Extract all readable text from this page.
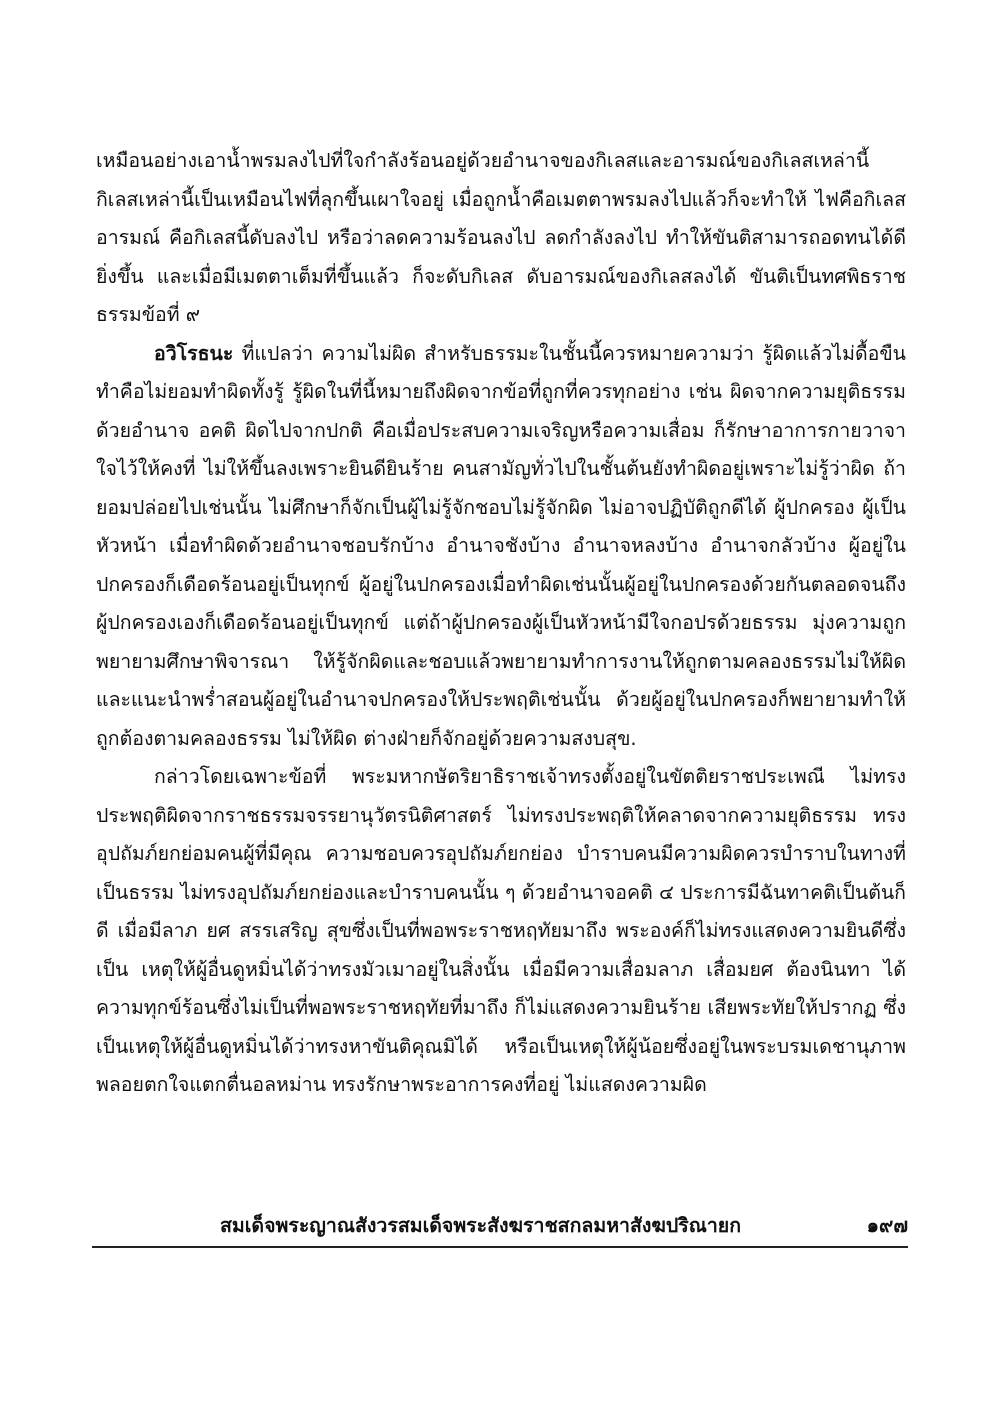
เหมือนอย่างเอาน้ำพรมลงไปที่ใจกำลังร้อนอยู่ด้วยอำนาจของกิเลสและอารมณ์ของกิเลสเหล่านี้ กิเลสเหล่านี้เป็นเหมือนไฟที่ลุกขึ้นเผาใจอยู่ เมื่อถูกน้ำคือเมตตาพรมลงไปแล้วก็จะทำให้ ไฟคือกิเลส อารมณ์ คือกิเลสนี้ดับลงไป หรือว่าลดความร้อนลงไป ลดกำลังลงไป ทำให้ขันติสามารถอดทนได้ดียิ่งขึ้น และเมื่อมีเมตตาเต็มที่ขึ้นแล้ว ก็จะดับกิเลส ดับอารมณ์ของกิเลสลงได้ ขันติเป็นทศพิธราชธรรมข้อที่ ๙

อวิโรธนะ ที่แปลว่า ความไม่ผิด สำหรับธรรมะในชั้นนี้ควรหมายความว่า รู้ผิดแล้วไม่ดื้อขืนทำคือไม่ยอมทำผิดทั้งรู้ รู้ผิดในที่นี้หมายถึงผิดจากข้อที่ถูกที่ควรทุกอย่าง เช่น ผิดจากความยุติธรรมด้วยอำนาจ อคติ ผิดไปจากปกติ คือเมื่อประสบความเจริญหรือความเสื่อม ก็รักษาอาการกายวาจาใจไว้ให้คงที่ ไม่ให้ขึ้นลงเพราะยินดียินร้าย คนสามัญทั่วไปในชั้นต้นยังทำผิดอยู่เพราะไม่รู้ว่าผิด ถ้ายอมปล่อยไปเช่นนั้น ไม่ศึกษาก็จักเป็นผู้ไม่รู้จักชอบไม่รู้จักผิด ไม่อาจปฏิบัติถูกดีได้ ผู้ปกครอง ผู้เป็นหัวหน้า เมื่อทำผิดด้วยอำนาจชอบรักบ้าง อำนาจชังบ้าง อำนาจหลงบ้าง อำนาจกลัวบ้าง ผู้อยู่ในปกครองก็เดือดร้อนอยู่เป็นทุกข์ ผู้อยู่ในปกครองเมื่อทำผิดเช่นนั้นผู้อยู่ในปกครองด้วยกันตลอดจนถึงผู้ปกครองเองก็เดือดร้อนอยู่เป็นทุกข์ แต่ถ้าผู้ปกครองผู้เป็นหัวหน้ามีใจกอปรด้วยธรรม มุ่งความถูก พยายามศึกษาพิจารณา ให้รู้จักผิดและชอบแล้วพยายามทำการงานให้ถูกตามคลองธรรมไม่ให้ผิด และแนะนำพร่ำสอนผู้อยู่ในอำนาจปกครองให้ประพฤติเช่นนั้น ด้วยผู้อยู่ในปกครองก็พยายามทำให้ถูกต้องตามคลองธรรม ไม่ให้ผิด ต่างฝ่ายก็จักอยู่ด้วยความสงบสุข.

กล่าวโดยเฉพาะข้อที่ พระมหากษัตริยาธิราชเจ้าทรงตั้งอยู่ในขัตติยราชประเพณี ไม่ทรงประพฤติผิดจากราชธรรมจรรยานุวัตรนิติศาสตร์ ไม่ทรงประพฤติให้คลาดจากความยุติธรรม ทรงอุปถัมภ์ยกย่อมคนผู้ที่มีคุณ ความชอบควรอุปถัมภ์ยกย่อง บำราบคนมีความผิดควรบำราบในทางที่เป็นธรรม ไม่ทรงอุปถัมภ์ยกย่องและบำราบคนนั้น ๆ ด้วยอำนาจอคติ ๔ ประการมีฉันทาคติเป็นต้นก็ดี เมื่อมีลาภ ยศ สรรเสริญ สุขซึ่งเป็นที่พอพระราชหฤทัยมาถึง พระองค์ก็ไม่ทรงแสดงความยินดีซึ่งเป็น เหตุให้ผู้อื่นดูหมิ่นได้ว่าทรงมัวเมาอยู่ในสิ่งนั้น เมื่อมีความเสื่อมลาภ เสื่อมยศ ต้องนินทา ได้ความทุกข์ร้อนซึ่งไม่เป็นที่พอพระราชหฤทัยที่มาถึง ก็ไม่แสดงความยินร้าย เสียพระทัยให้ปรากฏ ซึ่งเป็นเหตุให้ผู้อื่นดูหมิ่นได้ว่าทรงหาขันติคุณมิได้ หรือเป็นเหตุให้ผู้น้อยซึ่งอยู่ในพระบรมเดชานุภาพพลอยตกใจแตกตื่นอลหม่าน ทรงรักษาพระอาการคงที่อยู่ ไม่แสดงความผิด

สมเด็จพระญาณสังวรสมเด็จพระสังฆราชสกลมหาสังฆปริณายก	๑๙๗
